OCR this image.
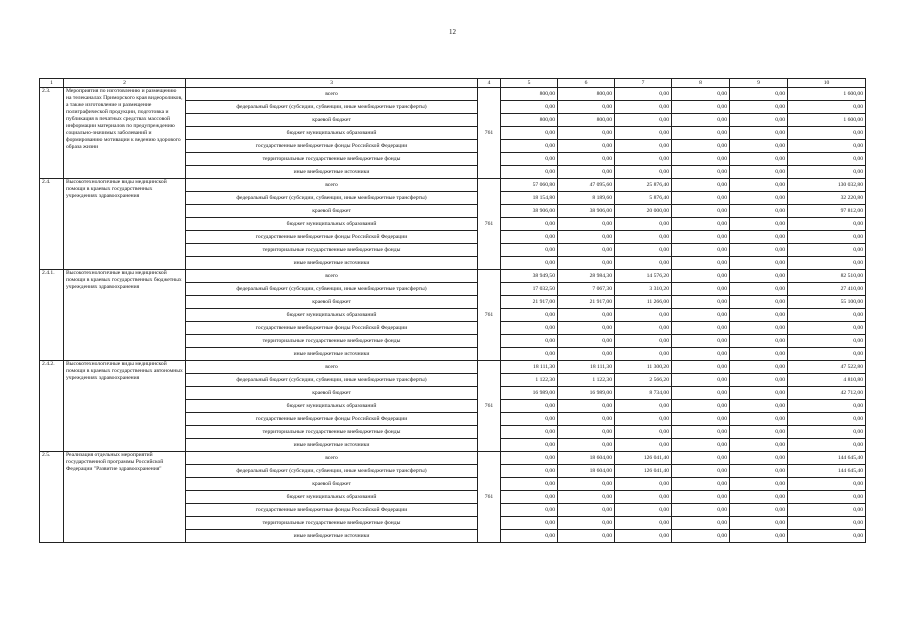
12
1	2	3	4	5	6	7	8	9	10
2.3.	Мероприятия по изготовлению и размещению на телеканалах Приморского края видеороликов, а также изготовление и размещение полиграфической продукции, подготовка и публикация в печатных средствах массовой информации материалов по предупреждению социально-значимых заболеваний и формированию мотивации к ведению здорового образа жизни	всего	761	800,00	800,00	0,00	0,00	0,00	1 600,00
		федеральный бюджет (субсидии, субвенции, иные межбюджетные трансферты)		0,00	0,00	0,00	0,00	0,00	0,00
		краевой бюджет		800,00	800,00	0,00	0,00	0,00	1 600,00
		бюджет муниципальных образований		0,00	0,00	0,00	0,00	0,00	0,00
		государственные внебюджетные фонды Российской Федерации		0,00	0,00	0,00	0,00	0,00	0,00
		территориальные государственные внебюджетные фонды		0,00	0,00	0,00	0,00	0,00	0,00
		иные внебюджетные источники		0,00	0,00	0,00	0,00	0,00	0,00
2.4.	Высокотехнологичные виды медицинской помощи в краевых государственных учреждениях здравоохранения	всего	761	57 060,80	47 095,60	25 876,40	0,00	0,00	130 032,80
		федеральный бюджет (субсидии, субвенции, иные межбюджетные трансферты)		18 154,80	8 189,60	5 876,40	0,00	0,00	32 220,80
		краевой бюджет		38 906,00	38 906,00	20 000,00	0,00	0,00	97 812,00
		бюджет муниципальных образований		0,00	0,00	0,00	0,00	0,00	0,00
		государственные внебюджетные фонды Российской Федерации		0,00	0,00	0,00	0,00	0,00	0,00
		территориальные государственные внебюджетные фонды		0,00	0,00	0,00	0,00	0,00	0,00
		иные внебюджетные источники		0,00	0,00	0,00	0,00	0,00	0,00
2.4.1.	Высокотехнологичные виды медицинской помощи в краевых государственных бюджетных учреждениях здравоохранения	всего	761	38 949,50	28 984,30	14 576,20	0,00	0,00	82 510,00
		федеральный бюджет (субсидии, субвенции, иные межбюджетные трансферты)		17 032,50	7 067,30	3 310,20	0,00	0,00	27 410,00
		краевой бюджет		21 917,00	21 917,00	11 266,00	0,00	0,00	55 100,00
		бюджет муниципальных образований		0,00	0,00	0,00	0,00	0,00	0,00
		государственные внебюджетные фонды Российской Федерации		0,00	0,00	0,00	0,00	0,00	0,00
		территориальные государственные внебюджетные фонды		0,00	0,00	0,00	0,00	0,00	0,00
		иные внебюджетные источники		0,00	0,00	0,00	0,00	0,00	0,00
2.4.2.	Высокотехнологичные виды медицинской помощи в краевых государственных автономных учреждениях здравоохранения	всего	761	18 111,30	18 111,30	11 300,20	0,00	0,00	47 522,80
		федеральный бюджет (субсидии, субвенции, иные межбюджетные трансферты)		1 122,30	1 122,30	2 566,20	0,00	0,00	4 810,80
		краевой бюджет		16 989,00	16 989,00	8 734,00	0,00	0,00	42 712,00
		бюджет муниципальных образований		0,00	0,00	0,00	0,00	0,00	0,00
		государственные внебюджетные фонды Российской Федерации		0,00	0,00	0,00	0,00	0,00	0,00
		территориальные государственные внебюджетные фонды		0,00	0,00	0,00	0,00	0,00	0,00
		иные внебюджетные источники		0,00	0,00	0,00	0,00	0,00	0,00
2.5.	Реализация отдельных мероприятий государственной программы Российской Федерации "Развитие здравоохранения"	всего	761	0,00	18 604,00	126 041,40	0,00	0,00	144 645,40
		федеральный бюджет (субсидии, субвенции, иные межбюджетные трансферты)		0,00	18 604,00	126 041,40	0,00	0,00	144 645,40
		краевой бюджет		0,00	0,00	0,00	0,00	0,00	0,00
		бюджет муниципальных образований		0,00	0,00	0,00	0,00	0,00	0,00
		государственные внебюджетные фонды Российской Федерации		0,00	0,00	0,00	0,00	0,00	0,00
		территориальные государственные внебюджетные фонды		0,00	0,00	0,00	0,00	0,00	0,00
		иные внебюджетные источники		0,00	0,00	0,00	0,00	0,00	0,00
